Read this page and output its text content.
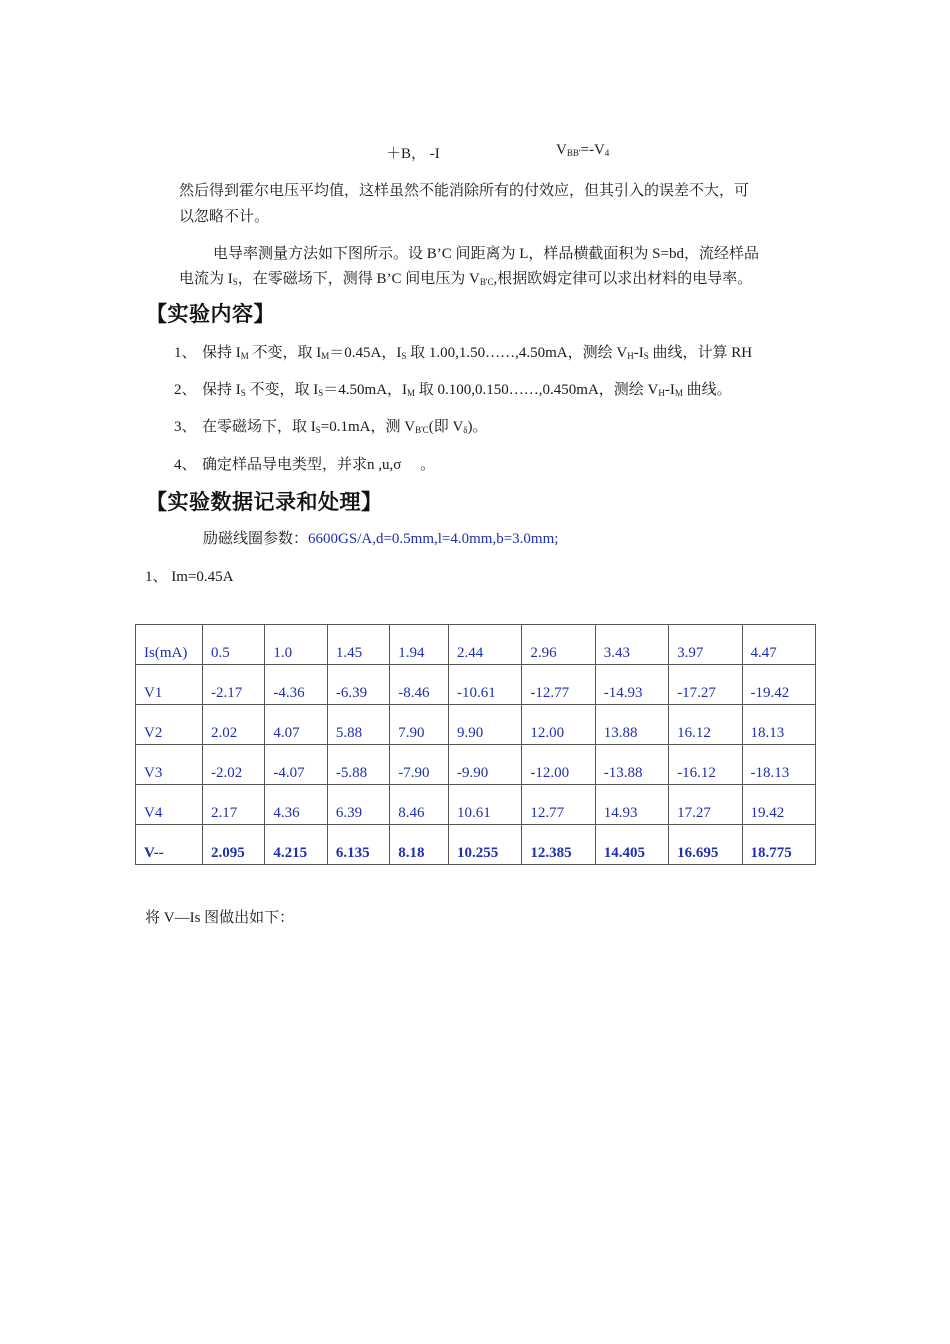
＋B， -I	$V_{BB'}=-V_4$
然后得到霍尔电压平均值，这样虽然不能消除所有的付效应，但其引入的误差不大，可
以忽略不计。
电导率测量方法如下图所示。设 B’C 间距离为 L，样品横截面积为 S=bd，流经样品
电流为 $I_S$，在零磁场下，测得 B’C 间电压为 $V_{B'C}$,根据欧姆定律可以求出材料的电导率。
【实验内容】
1、 保持 $I_M$ 不变，取 $I_M=0.45A$，$I_S$ 取 1.00,1.50……,4.50mA，测绘 $V_H-I_S$ 曲线，计算 RH
2、 保持 $I_S$ 不变，取 $I_S=4.50mA$，$I_M$ 取 0.100,0.150……,0.450mA，测绘 $V_H-I_M$ 曲线。
3、 在零磁场下，取 $I_S=0.1mA$，测 $V_{B'C}$(即 $V_\delta$)。
4、 确定样品导电类型，并求n ,u,σ 　。
【实验数据记录和处理】
励磁线圈参数：6600GS/A,d=0.5mm,l=4.0mm,b=3.0mm;
1、 Im=0.45A
Is(mA)	0.5	1.0	1.45	1.94	2.44	2.96	3.43	3.97	4.47
V1	-2.17	-4.36	-6.39	-8.46	-10.61	-12.77	-14.93	-17.27	-19.42
V2	2.02	4.07	5.88	7.90	9.90	12.00	13.88	16.12	18.13
V3	-2.02	-4.07	-5.88	-7.90	-9.90	-12.00	-13.88	-16.12	-18.13
V4	2.17	4.36	6.39	8.46	10.61	12.77	14.93	17.27	19.42
V--	2.095	4.215	6.135	8.18	10.255	12.385	14.405	16.695	18.775
将 V—Is 图做出如下：
